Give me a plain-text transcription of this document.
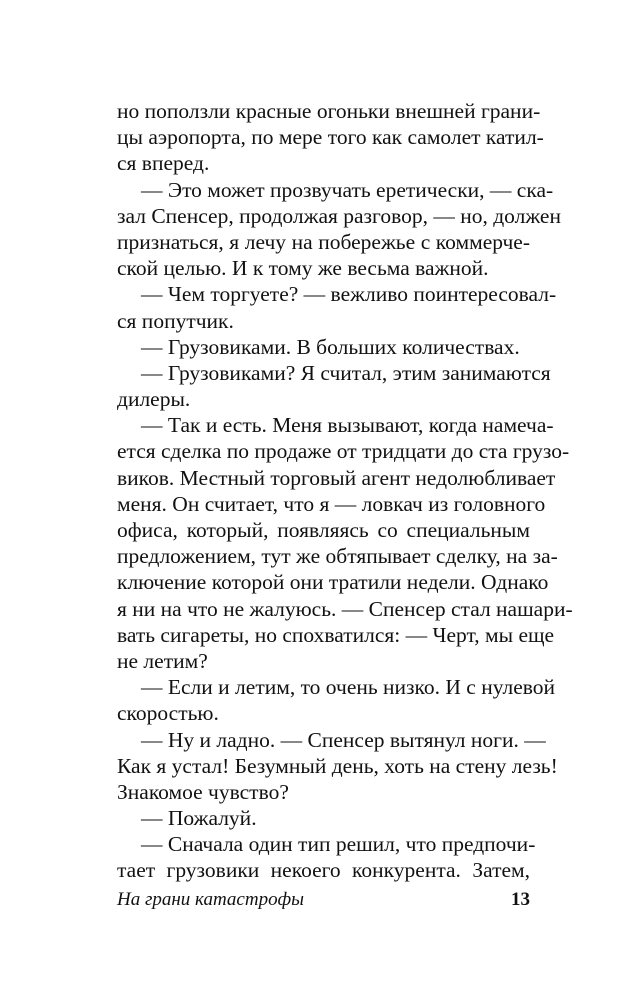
но поползли красные огоньки внешней грани-
цы аэропорта, по мере того как самолет катил-
ся вперед.
— Это может прозвучать еретически, — ска-
зал Спенсер, продолжая разговор, — но, должен
признаться, я лечу на побережье с коммерче-
ской целью. И к тому же весьма важной.
— Чем торгуете? — вежливо поинтересовал-
ся попутчик.
— Грузовиками. В больших количествах.
— Грузовиками? Я считал, этим занимаются
дилеры.
— Так и есть. Меня вызывают, когда намеча-
ется сделка по продаже от тридцати до ста грузо-
виков. Местный торговый агент недолюбливает
меня. Он считает, что я — ловкач из головного
офиса, который, появляясь со специальным
предложением, тут же обтяпывает сделку, на за-
ключение которой они тратили недели. Однако
я ни на что не жалуюсь. — Спенсер стал нашари-
вать сигареты, но спохватился: — Черт, мы еще
не летим?
— Если и летим, то очень низко. И с нулевой
скоростью.
— Ну и ладно. — Спенсер вытянул ноги. —
Как я устал! Безумный день, хоть на стену лезь!
Знакомое чувство?
— Пожалуй.
— Сначала один тип решил, что предпочи-
тает грузовики некоего конкурента. Затем,
На грани катастрофы	13
